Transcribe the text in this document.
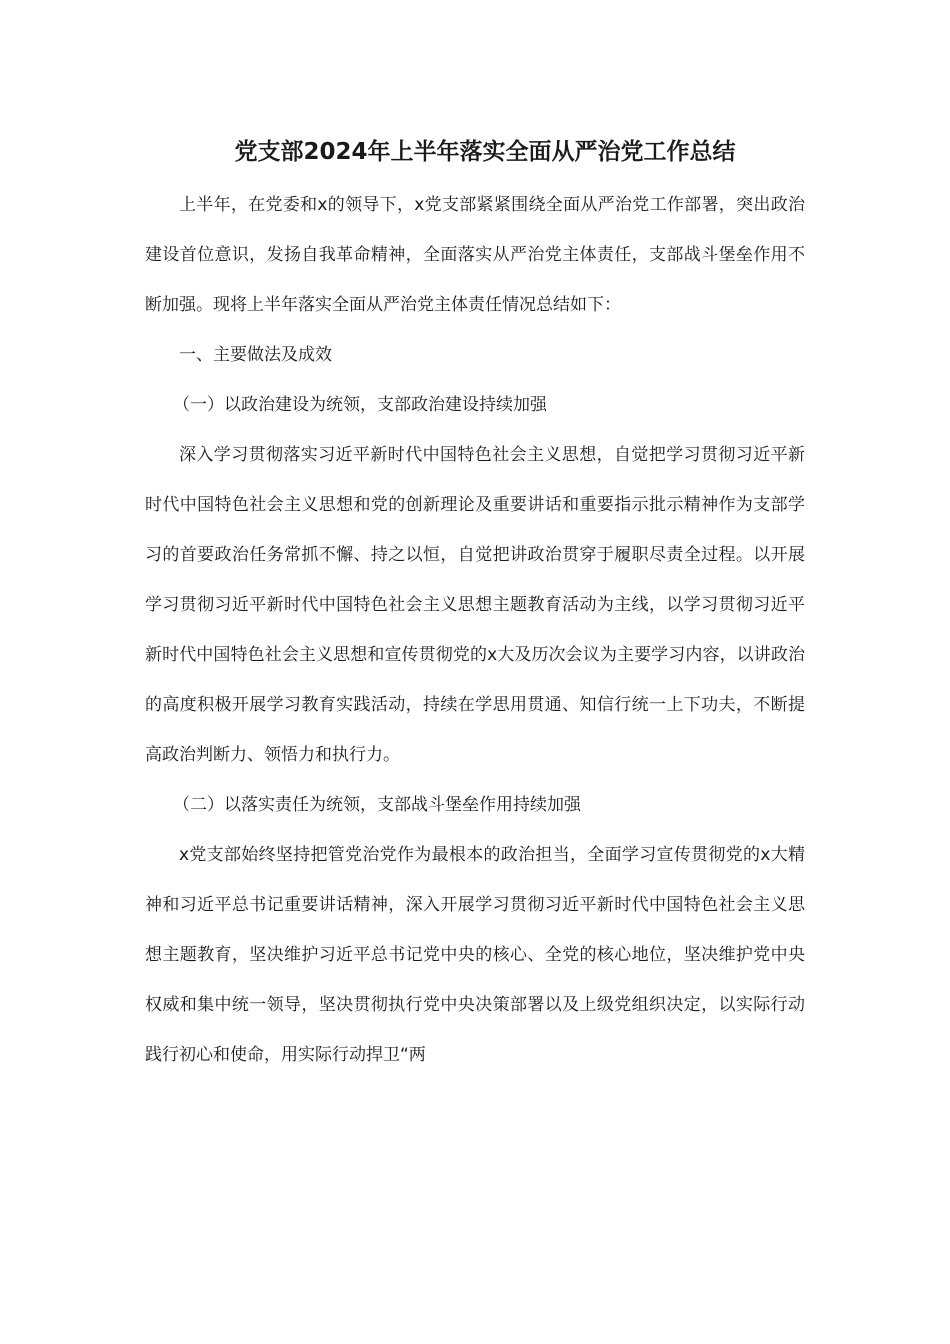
党支部2024年上半年落实全面从严治党工作总结

上半年，在党委和x的领导下，x党支部紧紧围绕全面从严治党工作部署，突出政治建设首位意识，发扬自我革命精神，全面落实从严治党主体责任，支部战斗堡垒作用不断加强。现将上半年落实全面从严治党主体责任情况总结如下：

一、主要做法及成效

（一）以政治建设为统领，支部政治建设持续加强

深入学习贯彻落实习近平新时代中国特色社会主义思想，自觉把学习贯彻习近平新时代中国特色社会主义思想和党的创新理论及重要讲话和重要指示批示精神作为支部学习的首要政治任务常抓不懈、持之以恒，自觉把讲政治贯穿于履职尽责全过程。以开展学习贯彻习近平新时代中国特色社会主义思想主题教育活动为主线，以学习贯彻习近平新时代中国特色社会主义思想和宣传贯彻党的x大及历次会议为主要学习内容，以讲政治的高度积极开展学习教育实践活动，持续在学思用贯通、知信行统一上下功夫，不断提高政治判断力、领悟力和执行力。

（二）以落实责任为统领，支部战斗堡垒作用持续加强

x党支部始终坚持把管党治党作为最根本的政治担当，全面学习宣传贯彻党的x大精神和习近平总书记重要讲话精神，深入开展学习贯彻习近平新时代中国特色社会主义思想主题教育，坚决维护习近平总书记党中央的核心、全党的核心地位，坚决维护党中央权威和集中统一领导，坚决贯彻执行党中央决策部署以及上级党组织决定，以实际行动践行初心和使命，用实际行动捍卫“两
